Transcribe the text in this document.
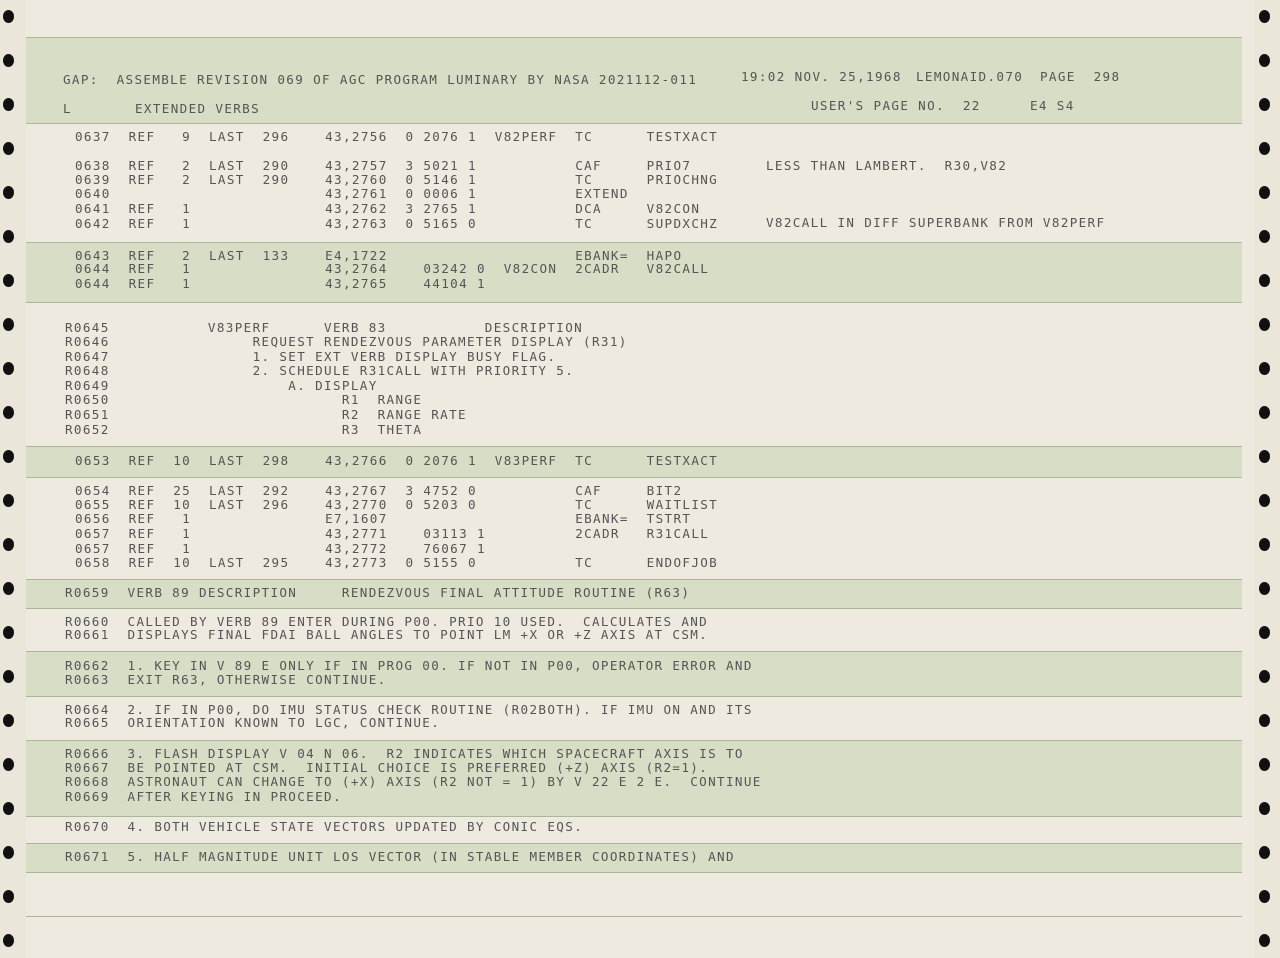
GAP:  ASSEMBLE REVISION 069 OF AGC PROGRAM LUMINARY BY NASA 2021112-011	19:02 NOV. 25,1968 LEMONAID.070 PAGE  298
L	EXTENDED VERBS	USER'S PAGE NO.  22	E4 S4
0637  REF   9  LAST  296    43,2756  0 2076 1  V82PERF  TC      TESTXACT
0638  REF   2  LAST  290    43,2757  3 5021 1           CAF     PRIO7	LESS THAN LAMBERT.  R30,V82
0639  REF   2  LAST  290    43,2760  0 5146 1           TC      PRIOCHNG
0640                        43,2761  0 0006 1           EXTEND
0641  REF   1               43,2762  3 2765 1           DCA     V82CON
0642  REF   1               43,2763  0 5165 0           TC      SUPDXCHZ	V82CALL IN DIFF SUPERBANK FROM V82PERF
0643  REF   2  LAST  133    E4,1722                     EBANK=  HAPO
0644  REF   1               43,2764    03242 0  V82CON  2CADR   V82CALL
0644  REF   1               43,2765    44104 1
R0645           V83PERF      VERB 83           DESCRIPTION
R0646                REQUEST RENDEZVOUS PARAMETER DISPLAY (R31)
R0647                1. SET EXT VERB DISPLAY BUSY FLAG.
R0648                2. SCHEDULE R31CALL WITH PRIORITY 5.
R0649                    A. DISPLAY
R0650                          R1  RANGE
R0651                          R2  RANGE RATE
R0652                          R3  THETA
0653  REF  10  LAST  298    43,2766  0 2076 1  V83PERF  TC      TESTXACT
0654  REF  25  LAST  292    43,2767  3 4752 0           CAF     BIT2
0655  REF  10  LAST  296    43,2770  0 5203 0           TC      WAITLIST
0656  REF   1               E7,1607                     EBANK=  TSTRT
0657  REF   1               43,2771    03113 1          2CADR   R31CALL
0657  REF   1               43,2772    76067 1
0658  REF  10  LAST  295    43,2773  0 5155 0           TC      ENDOFJOB
R0659  VERB 89 DESCRIPTION     RENDEZVOUS FINAL ATTITUDE ROUTINE (R63)
R0660  CALLED BY VERB 89 ENTER DURING P00. PRIO 10 USED.  CALCULATES AND
R0661  DISPLAYS FINAL FDAI BALL ANGLES TO POINT LM +X OR +Z AXIS AT CSM.
R0662  1. KEY IN V 89 E ONLY IF IN PROG 00. IF NOT IN P00, OPERATOR ERROR AND
R0663  EXIT R63, OTHERWISE CONTINUE.
R0664  2. IF IN P00, DO IMU STATUS CHECK ROUTINE (R02BOTH). IF IMU ON AND ITS
R0665  ORIENTATION KNOWN TO LGC, CONTINUE.
R0666  3. FLASH DISPLAY V 04 N 06.  R2 INDICATES WHICH SPACECRAFT AXIS IS TO
R0667  BE POINTED AT CSM.  INITIAL CHOICE IS PREFERRED (+Z) AXIS (R2=1).
R0668  ASTRONAUT CAN CHANGE TO (+X) AXIS (R2 NOT = 1) BY V 22 E 2 E.  CONTINUE
R0669  AFTER KEYING IN PROCEED.
R0670  4. BOTH VEHICLE STATE VECTORS UPDATED BY CONIC EQS.
R0671  5. HALF MAGNITUDE UNIT LOS VECTOR (IN STABLE MEMBER COORDINATES) AND
